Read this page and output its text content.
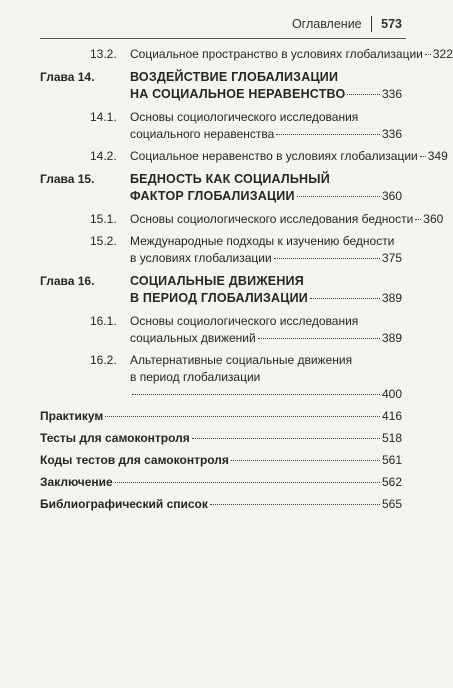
Оглавление 573
13.2.	Социальное пространство в условиях глобализации 322
Глава 14.	ВОЗДЕЙСТВИЕ ГЛОБАЛИЗАЦИИ
НА СОЦИАЛЬНОЕ НЕРАВЕНСТВО	336
14.1.	Основы социологического исследования
социального неравенства	336
14.2.	Социальное неравенство в условиях глобализации 349
Глава 15.	БЕДНОСТЬ КАК СОЦИАЛЬНЫЙ
ФАКТОР ГЛОБАЛИЗАЦИИ	360
15.1.	Основы социологического исследования бедности 360
15.2.	Международные подходы к изучению бедности
в условиях глобализации	375
Глава 16.	СОЦИАЛЬНЫЕ ДВИЖЕНИЯ
В ПЕРИОД ГЛОБАЛИЗАЦИИ	389
16.1.	Основы социологического исследования
социальных движений	389
16.2.	Альтернативные социальные движения
в период глобализации
400
Практикум	416
Тесты для самоконтроля	518
Коды тестов для самоконтроля	561
Заключение	562
Библиографический список	565
